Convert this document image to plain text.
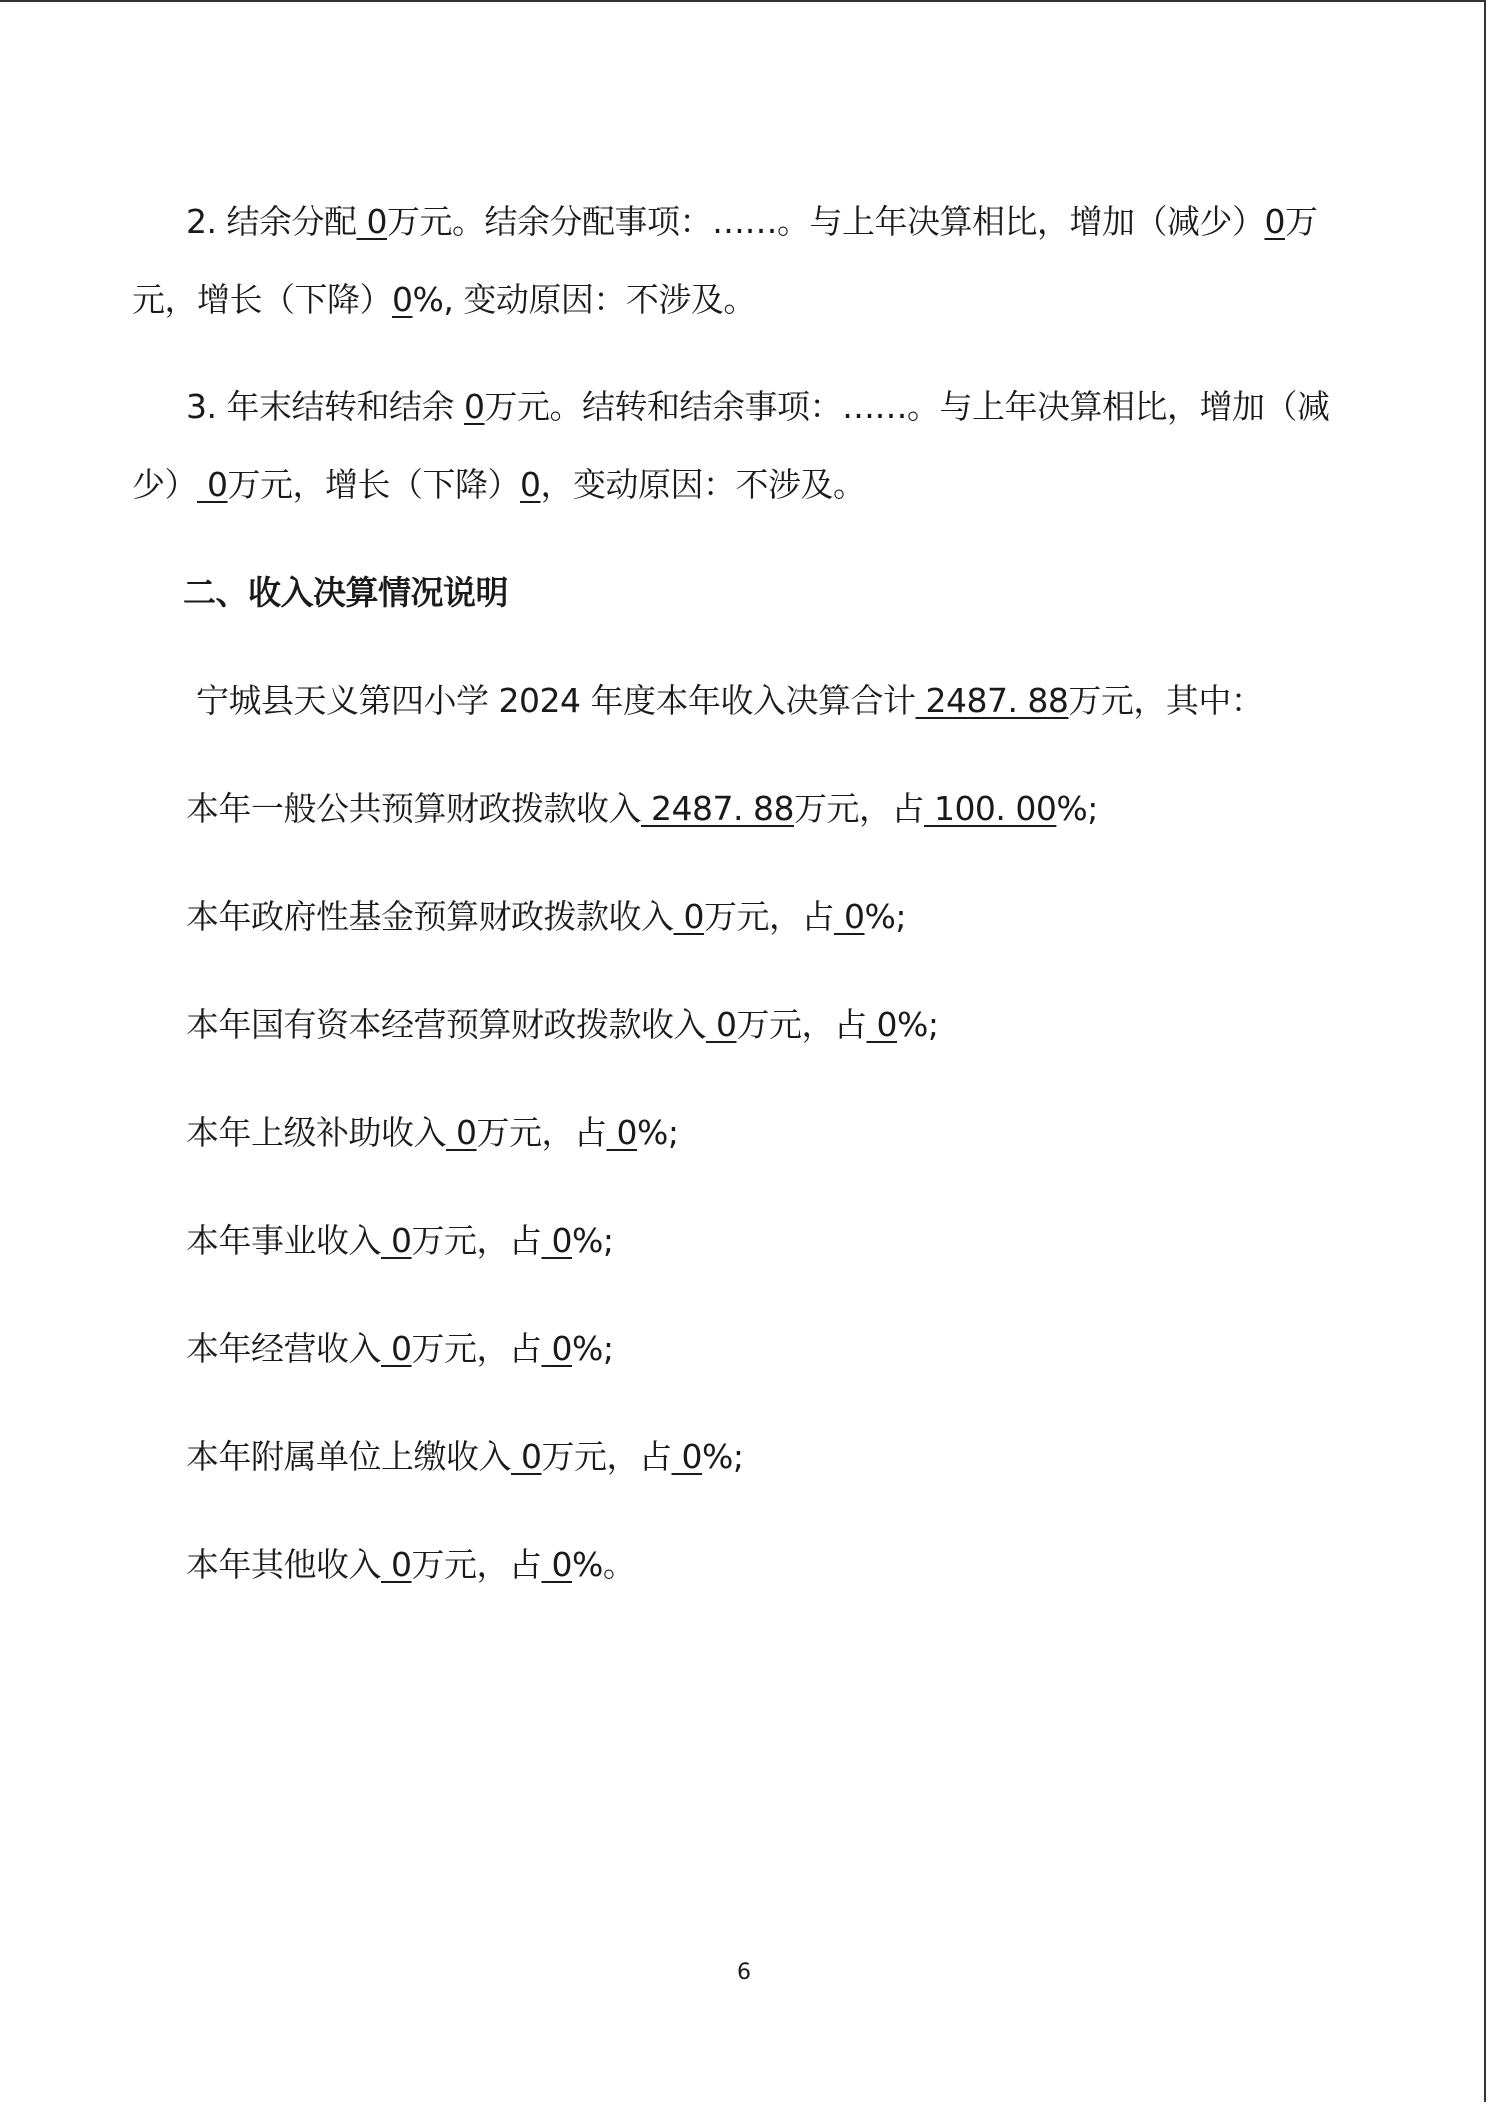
2. 结余分配 0万元。结余分配事项：……。与上年决算相比，增加（减少）0万
元，增长（下降）0%, 变动原因：不涉及。
3. 年末结转和结余 0万元。结转和结余事项：……。与上年决算相比，增加（减
少） 0万元，增长（下降）0，变动原因：不涉及。
二、收入决算情况说明
宁城县天义第四小学 2024 年度本年收入决算合计 2487. 88万元，其中：
本年一般公共预算财政拨款收入 2487. 88万元，占 100. 00%;
本年政府性基金预算财政拨款收入 0万元，占 0%;
本年国有资本经营预算财政拨款收入 0万元，占 0%;
本年上级补助收入 0万元，占 0%;
本年事业收入 0万元，占 0%;
本年经营收入 0万元，占 0%;
本年附属单位上缴收入 0万元，占 0%;
本年其他收入 0万元，占 0%。
6
